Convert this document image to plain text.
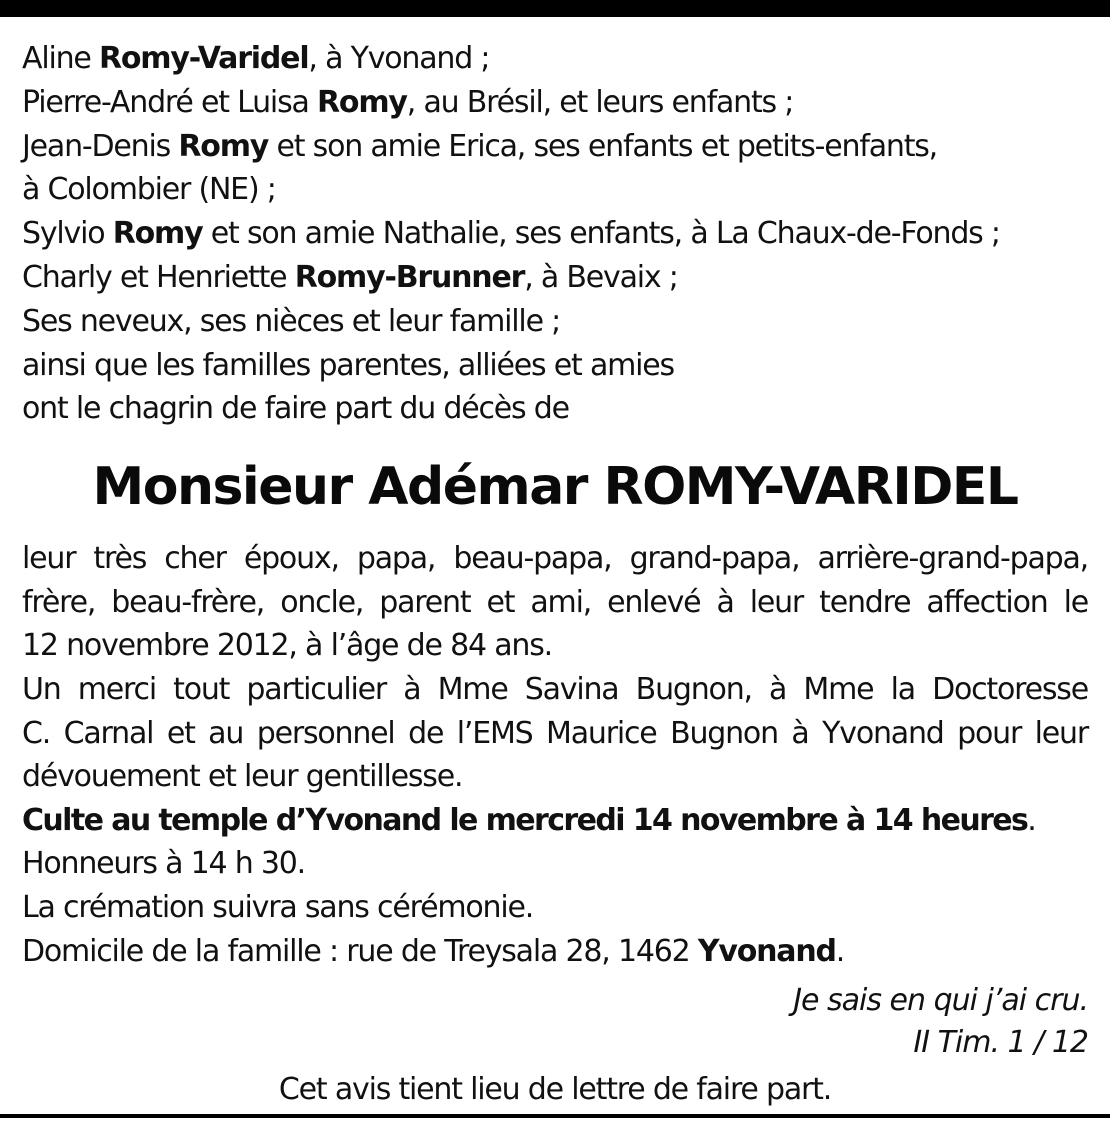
Aline Romy-Varidel, à Yvonand ;
Pierre-André et Luisa Romy, au Brésil, et leurs enfants ;
Jean-Denis Romy et son amie Erica, ses enfants et petits-enfants,
à Colombier (NE) ;
Sylvio Romy et son amie Nathalie, ses enfants, à La Chaux-de-Fonds ;
Charly et Henriette Romy-Brunner, à Bevaix ;
Ses neveux, ses nièces et leur famille ;
ainsi que les familles parentes, alliées et amies
ont le chagrin de faire part du décès de
Monsieur Adémar ROMY-VARIDEL
leur très cher époux, papa, beau-papa, grand-papa, arrière-grand-papa,
frère, beau-frère, oncle, parent et ami, enlevé à leur tendre affection le
12 novembre 2012, à l’âge de 84 ans.
Un merci tout particulier à Mme Savina Bugnon, à Mme la Doctoresse
C. Carnal et au personnel de l’EMS Maurice Bugnon à Yvonand pour leur
dévouement et leur gentillesse.
Culte au temple d’Yvonand le mercredi 14 novembre à 14 heures.
Honneurs à 14 h 30.
La crémation suivra sans cérémonie.
Domicile de la famille : rue de Treysala 28, 1462 Yvonand.
Je sais en qui j’ai cru.
II Tim. 1 / 12
Cet avis tient lieu de lettre de faire part.
